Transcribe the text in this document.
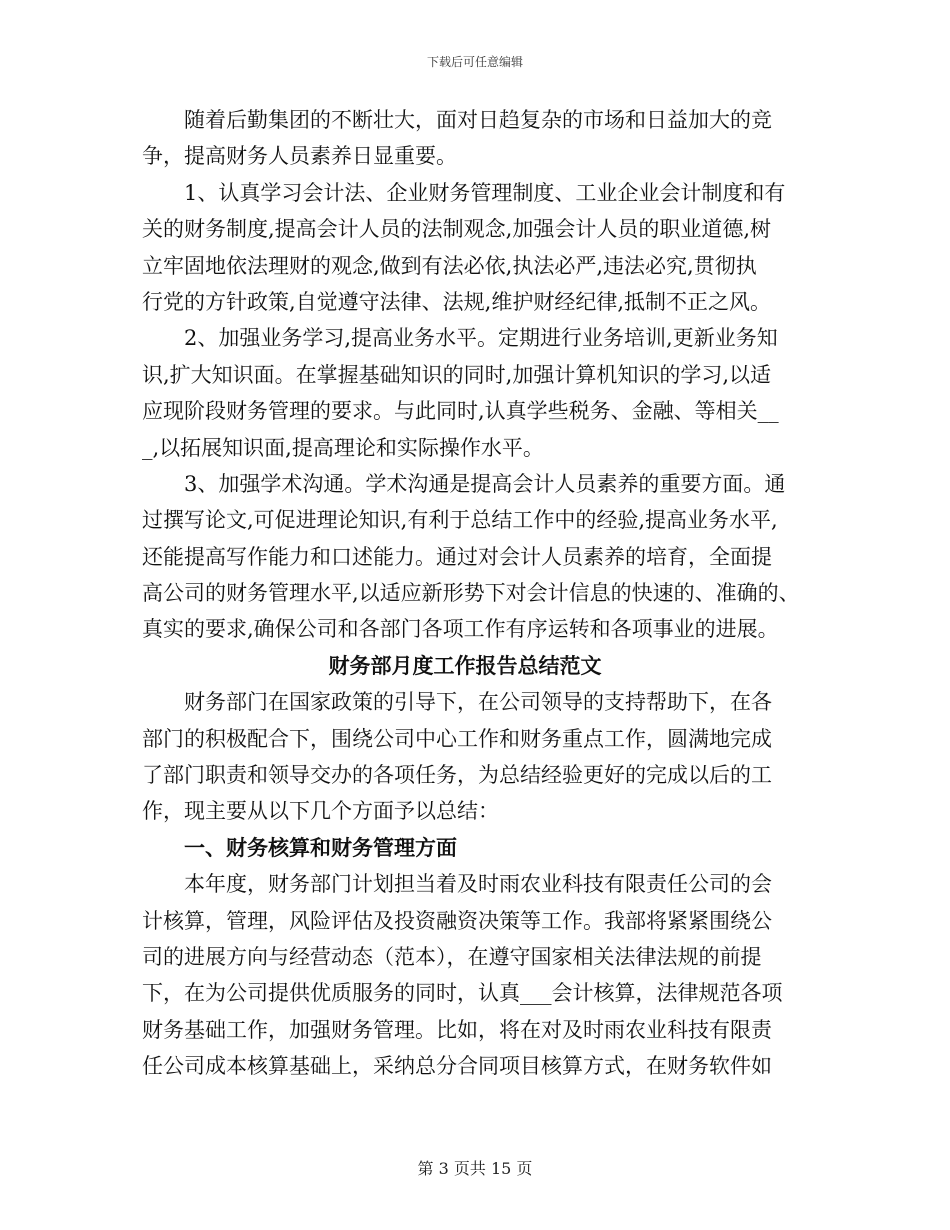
下载后可任意编辑
　　随着后勤集团的不断壮大，面对日趋复杂的市场和日益加大的竞
争，提高财务人员素养日显重要。
　　1、认真学习会计法、企业财务管理制度、工业企业会计制度和有
关的财务制度,提高会计人员的法制观念,加强会计人员的职业道德,树
立牢固地依法理财的观念,做到有法必依,执法必严,违法必究,贯彻执
行党的方针政策,自觉遵守法律、法规,维护财经纪律,抵制不正之风。
　　2、加强业务学习,提高业务水平。定期进行业务培训,更新业务知
识,扩大知识面。在掌握基础知识的同时,加强计算机知识的学习,以适
应现阶段财务管理的要求。与此同时,认真学些税务、金融、等相关__
_,以拓展知识面,提高理论和实际操作水平。
　　3、加强学术沟通。学术沟通是提高会计人员素养的重要方面。通
过撰写论文,可促进理论知识,有利于总结工作中的经验,提高业务水平,
还能提高写作能力和口述能力。通过对会计人员素养的培育，全面提
高公司的财务管理水平,以适应新形势下对会计信息的快速的、准确的、
真实的要求,确保公司和各部门各项工作有序运转和各项事业的进展。
财务部月度工作报告总结范文
　　财务部门在国家政策的引导下，在公司领导的支持帮助下，在各
部门的积极配合下，围绕公司中心工作和财务重点工作，圆满地完成
了部门职责和领导交办的各项任务，为总结经验更好的完成以后的工
作，现主要从以下几个方面予以总结：
　　一、财务核算和财务管理方面
　　本年度，财务部门计划担当着及时雨农业科技有限责任公司的会
计核算，管理，风险评估及投资融资决策等工作。我部将紧紧围绕公
司的进展方向与经营动态（范本），在遵守国家相关法律法规的前提
下，在为公司提供优质服务的同时，认真___会计核算，法律规范各项
财务基础工作，加强财务管理。比如，将在对及时雨农业科技有限责
任公司成本核算基础上，采纳总分合同项目核算方式，在财务软件如
第 3 页共 15 页
